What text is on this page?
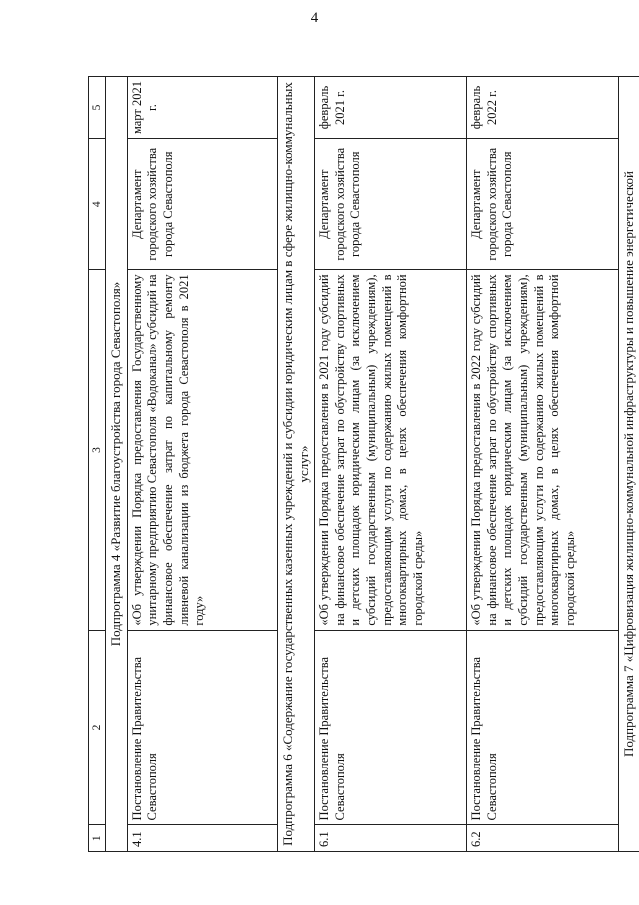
4
1	2	3	4	5
Подпрограмма 4 «Развитие благоустройства города Севастополя»				
4.1	Постановление Правительства Севастополя	«Об утверждении Порядка предоставления Государственному унитарному предприятию Севастополя «Водоканал» субсидий на финансовое обеспечение затрат по капитальному ремонту ливневой канализации из бюджета города Севастополя в 2021 году»	Департамент городского хозяйства города Севастополя	март 2021 г.
Подпрограмма 6 «Содержание государственных казенных учреждений и субсидии юридическим лицам в сфере жилищно-коммунальных услуг»				
6.1	Постановление Правительства Севастополя	«Об утверждении Порядка предоставления в 2021 году субсидий на финансовое обеспечение затрат по обустройству спортивных и детских площадок юридическим лицам (за исключением субсидий государственным (муниципальным) учреждениям), предоставляющим услуги по содержанию жилых помещений в многоквартирных домах, в целях обеспечения комфортной городской среды»	Департамент городского хозяйства города Севастополя	февраль 2021 г.
6.2	Постановление Правительства Севастополя	«Об утверждении Порядка предоставления в 2022 году субсидий на финансовое обеспечение затрат по обустройству спортивных и детских площадок юридическим лицам (за исключением субсидий государственным (муниципальным) учреждениям), предоставляющим услуги по содержанию жилых помещений в многоквартирных домах, в целях обеспечения комфортной городской среды»	Департамент городского хозяйства города Севастополя	февраль 2022 г.
Подпрограмма 7 «Цифровизация жилищно-коммунальной инфраструктуры и повышение энергетической				
